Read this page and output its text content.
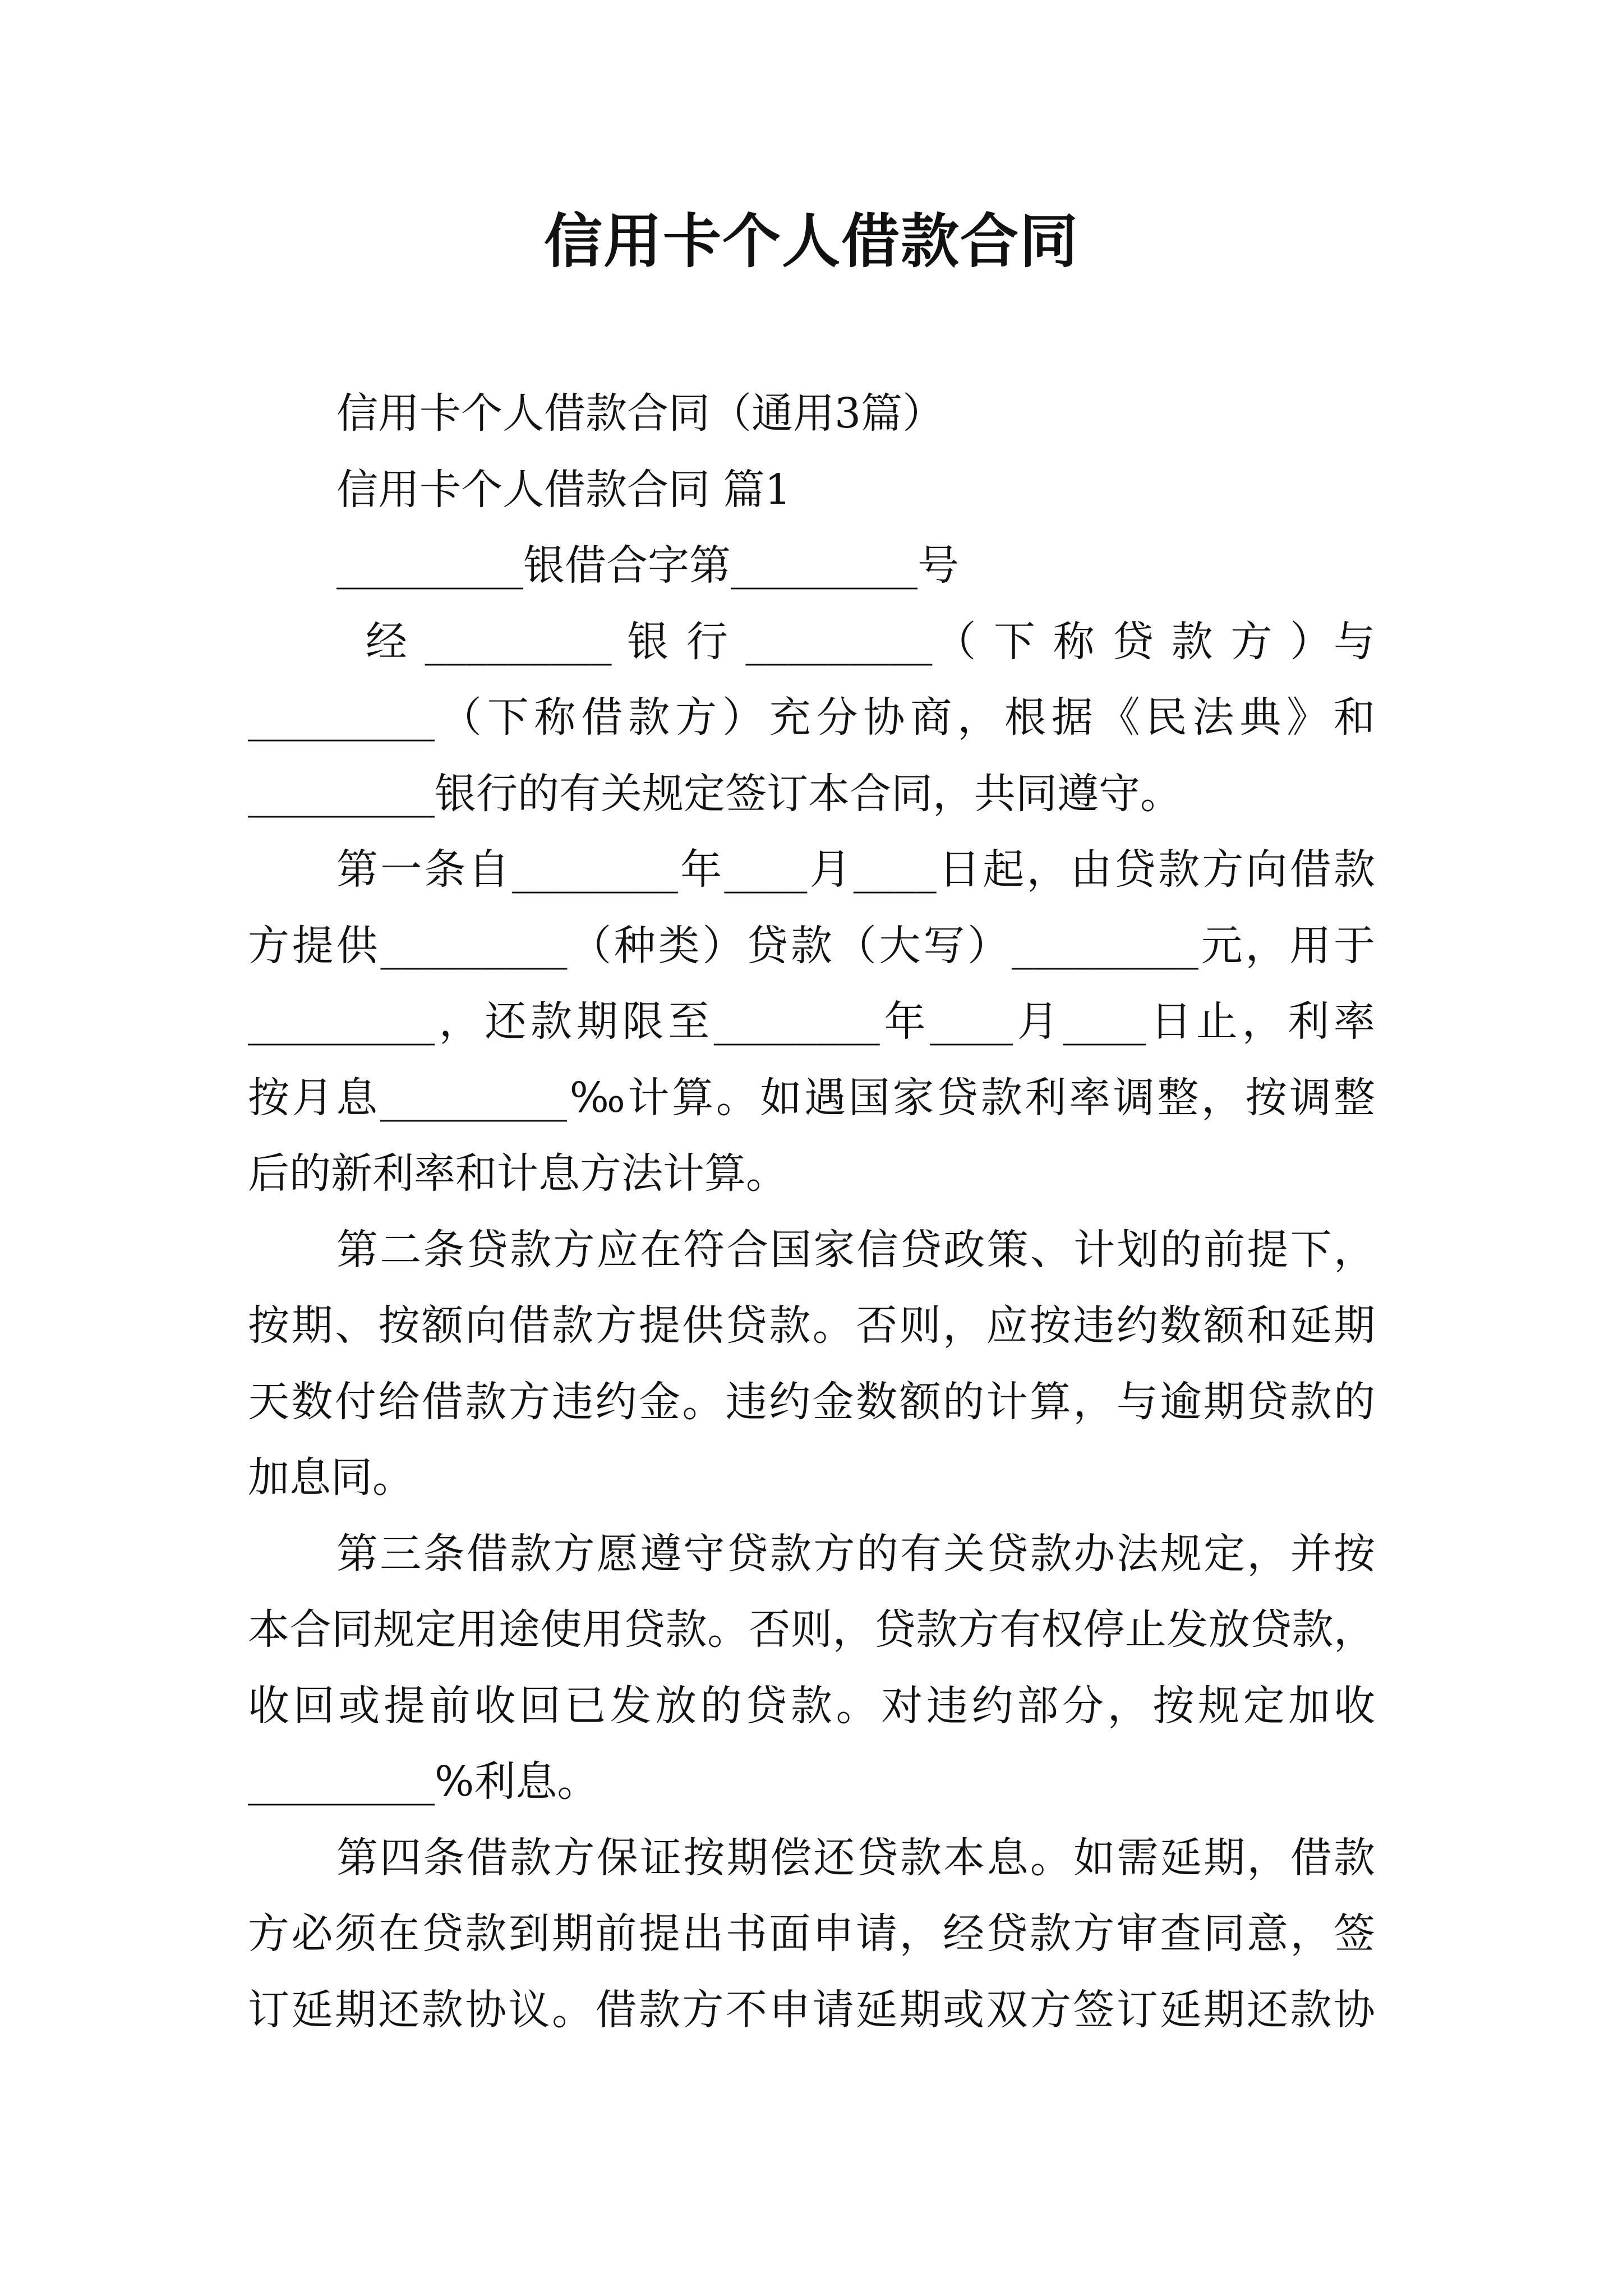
信用卡个人借款合同
信用卡个人借款合同（通用3篇）
信用卡个人借款合同 篇1
_________银借合字第_________号
经 _________ 银 行 _________（ 下 称 贷 款 方 ）与
_________（下称借款方）充分协商，根据《民法典》和
_________银行的有关规定签订本合同，共同遵守。
第一条自________年____月____日起，由贷款方向借款
方提供_________（种类）贷款（大写）_________元，用于
_________，还款期限至________年____月____日止，利率
按月息_________‰计算。如遇国家贷款利率调整，按调整
后的新利率和计息方法计算。
第二条贷款方应在符合国家信贷政策、计划的前提下，
按期、按额向借款方提供贷款。否则，应按违约数额和延期
天数付给借款方违约金。违约金数额的计算，与逾期贷款的
加息同。
第三条借款方愿遵守贷款方的有关贷款办法规定，并按
本合同规定用途使用贷款。否则，贷款方有权停止发放贷款，
收回或提前收回已发放的贷款。对违约部分，按规定加收
_________%利息。
第四条借款方保证按期偿还贷款本息。如需延期，借款
方必须在贷款到期前提出书面申请，经贷款方审查同意，签
订延期还款协议。借款方不申请延期或双方签订延期还款协
